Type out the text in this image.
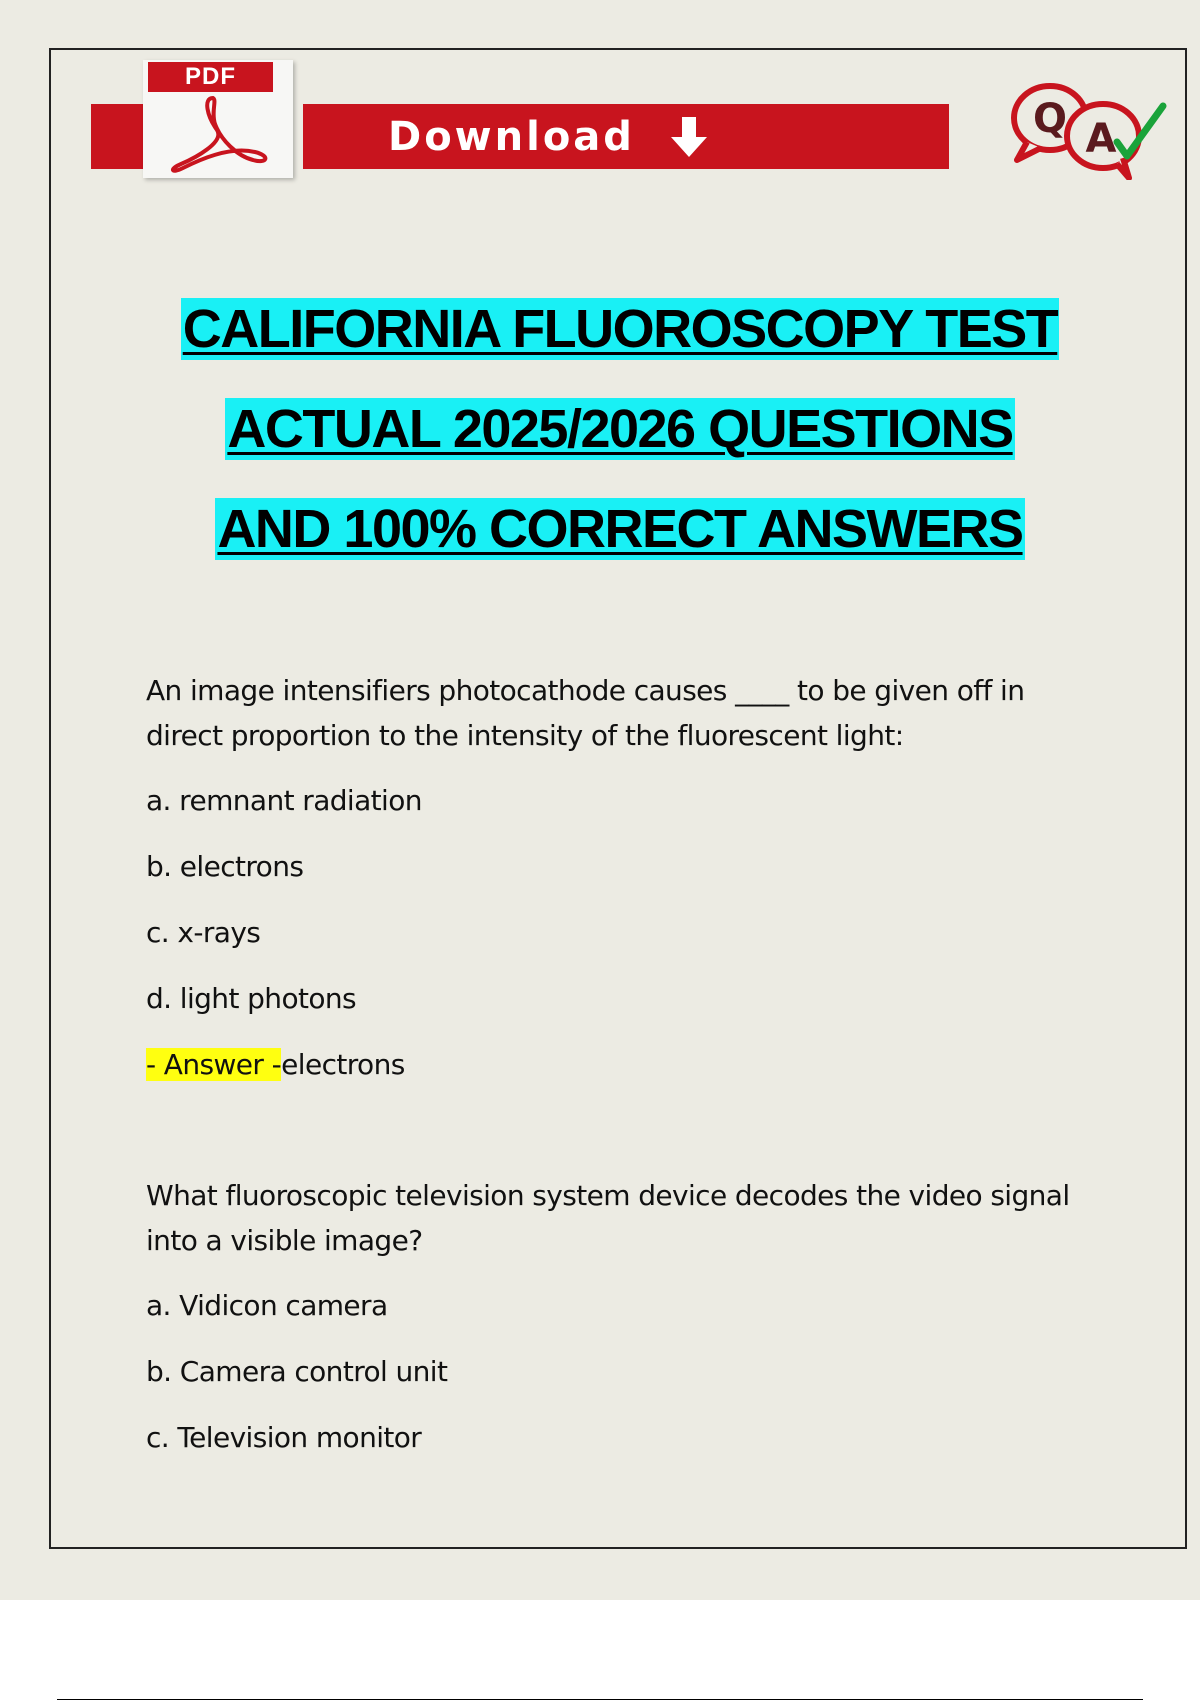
PDF
Download	Q A
CALIFORNIA FLUOROSCOPY TEST
ACTUAL 2025/2026 QUESTIONS
AND 100% CORRECT ANSWERS

An image intensifiers photocathode causes ____ to be given off in direct proportion to the intensity of the fluorescent light:

a. remnant radiation
b. electrons
c. x-rays
d. light photons
- Answer -electrons

What fluoroscopic television system device decodes the video signal into a visible image?

a. Vidicon camera
b. Camera control unit
c. Television monitor
